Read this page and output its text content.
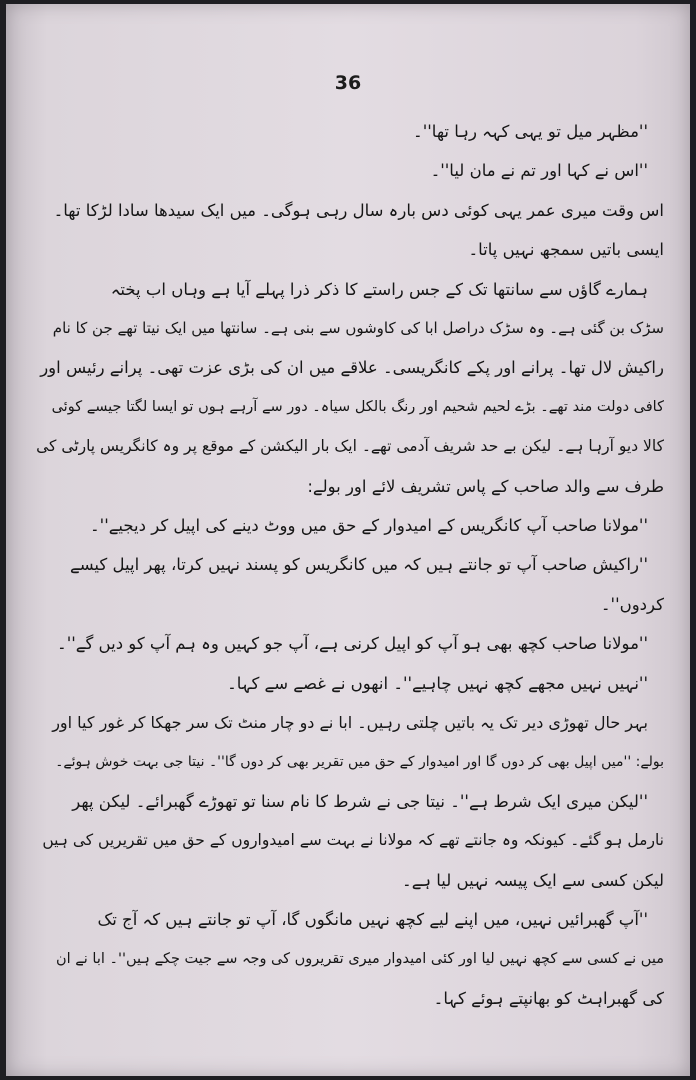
36
''مظہر میل تو یہی کہہ رہا تھا''۔
''اس نے کہا اور تم نے مان لیا''۔
اس وقت میری عمر یہی کوئی دس بارہ سال رہی ہوگی۔ میں ایک سیدھا سادا لڑکا تھا۔
ایسی باتیں سمجھ نہیں پاتا۔
ہمارے گاؤں سے سانتھا تک کے جس راستے کا ذکر ذرا پہلے آیا ہے وہاں اب پختہ
سڑک بن گئی ہے۔ وہ سڑک دراصل ابا کی کاوشوں سے بنی ہے۔ سانتھا میں ایک نیتا تھے جن کا نام
راکیش لال تھا۔ پرانے اور پکے کانگریسی۔ علاقے میں ان کی بڑی عزت تھی۔ پرانے رئیس اور
کافی دولت مند تھے۔ بڑے لحیم شحیم اور رنگ بالکل سیاہ۔ دور سے آرہے ہوں تو ایسا لگتا جیسے کوئی
کالا دیو آرہا ہے۔ لیکن بے حد شریف آدمی تھے۔ ایک بار الیکشن کے موقع پر وہ کانگریس پارٹی کی
طرف سے والد صاحب کے پاس تشریف لائے اور بولے:
''مولانا صاحب آپ کانگریس کے امیدوار کے حق میں ووٹ دینے کی اپیل کر دیجیے''۔
''راکیش صاحب آپ تو جانتے ہیں کہ میں کانگریس کو پسند نہیں کرتا، پھر اپیل کیسے
کردوں''۔
''مولانا صاحب کچھ بھی ہو آپ کو اپیل کرنی ہے، آپ جو کہیں وہ ہم آپ کو دیں گے''۔
''نہیں نہیں مجھے کچھ نہیں چاہیے''۔ انھوں نے غصے سے کہا۔
بہر حال تھوڑی دیر تک یہ باتیں چلتی رہیں۔ ابا نے دو چار منٹ تک سر جھکا کر غور کیا اور
بولے: ''میں اپیل بھی کر دوں گا اور امیدوار کے حق میں تقریر بھی کر دوں گا''۔ نیتا جی بہت خوش ہوئے۔
''لیکن میری ایک شرط ہے''۔ نیتا جی نے شرط کا نام سنا تو تھوڑے گھبرائے۔ لیکن پھر
نارمل ہو گئے۔ کیونکہ وہ جانتے تھے کہ مولانا نے بہت سے امیدواروں کے حق میں تقریریں کی ہیں
لیکن کسی سے ایک پیسہ نہیں لیا ہے۔
''آپ گھبرائیں نہیں، میں اپنے لیے کچھ نہیں مانگوں گا، آپ تو جانتے ہیں کہ آج تک
میں نے کسی سے کچھ نہیں لیا اور کئی امیدوار میری تقریروں کی وجہ سے جیت چکے ہیں''۔ ابا نے ان
کی گھبراہٹ کو بھانپتے ہوئے کہا۔
